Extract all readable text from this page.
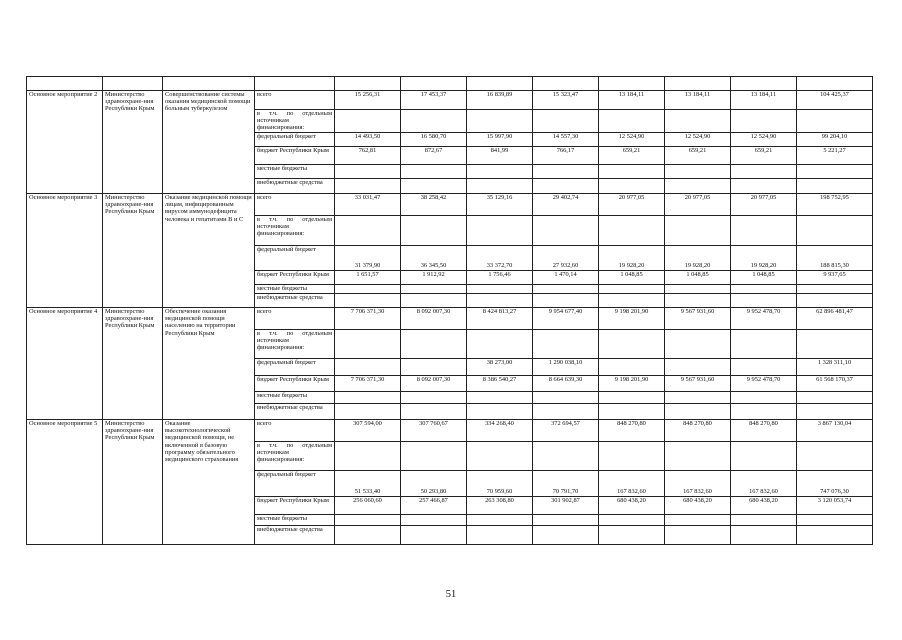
Основное мероприятие 2	Министерство здравоохране-ния Республики Крым	Совершенствование системы оказания медицинской помощи больным туберкулезом	всего	15 256,31	17 453,37	16 839,89	15 323,47	13 184,11	13 184,11	13 184,11	104 425,37
			в т.ч. по отдельным источникам финансирования:								
			федеральный бюджет	14 493,50	16 580,70	15 997,90	14 557,30	12 524,90	12 524,90	12 524,90	99 204,10
			бюджет Республики Крым	762,81	872,67	841,99	766,17	659,21	659,21	659,21	5 221,27
			местные бюджеты								
			внебюджетные средства								
Основное мероприятие 3	Министерство здравоохране-ния Республики Крым	Оказание медицинской помощи лицам, инфицированным вирусом иммунодефицита человека и гепатитами В и С	всего	33 031,47	38 258,42	35 129,16	29 402,74	20 977,05	20 977,05	20 977,05	198 752,95
			в т.ч. по отдельным источникам финансирования:								
			федеральный бюджет	31 379,90	36 345,50	33 372,70	27 932,60	19 928,20	19 928,20	19 928,20	188 815,30
			бюджет Республики Крым	1 651,57	1 912,92	1 756,46	1 470,14	1 048,85	1 048,85	1 048,85	9 937,65
			местные бюджеты								
			внебюджетные средства								
Основное мероприятие 4	Министерство здравоохране-ния Республики Крым	Обеспечение оказания медицинской помощи населению на территории Республики Крым	всего	7 706 371,30	8 092 007,30	8 424 813,27	9 954 677,40	9 198 201,90	9 567 931,60	9 952 478,70	62 896 481,47
			в т.ч. по отдельным источникам финансирования:								
			федеральный бюджет			38 273,00	1 290 038,10				1 328 311,10
			бюджет Республики Крым	7 706 371,30	8 092 007,30	8 386 540,27	8 664 639,30	9 198 201,90	9 567 931,60	9 952 478,70	61 568 170,37
			местные бюджеты								
			внебюджетные средства								
Основное мероприятие 5	Министерство здравоохране-ния Республики Крым	Оказание высокотехнологической медицинской помощи, не включенной в базовую программу обязательного медицинского страхования	всего	307 594,00	307 760,67	334 268,40	372 694,57	848 270,80	848 270,80	848 270,80	3 867 130,04
			в т.ч. по отдельным источникам финансирования:								
			федеральный бюджет	51 533,40	50 293,80	70 959,60	70 791,70	167 832,60	167 832,60	167 832,60	747 076,30
			бюджет Республики Крым	256 060,60	257 466,87	263 308,80	301 902,87	680 438,20	680 438,20	680 438,20	3 120 053,74
			местные бюджеты								
			внебюджетные средства								
51
